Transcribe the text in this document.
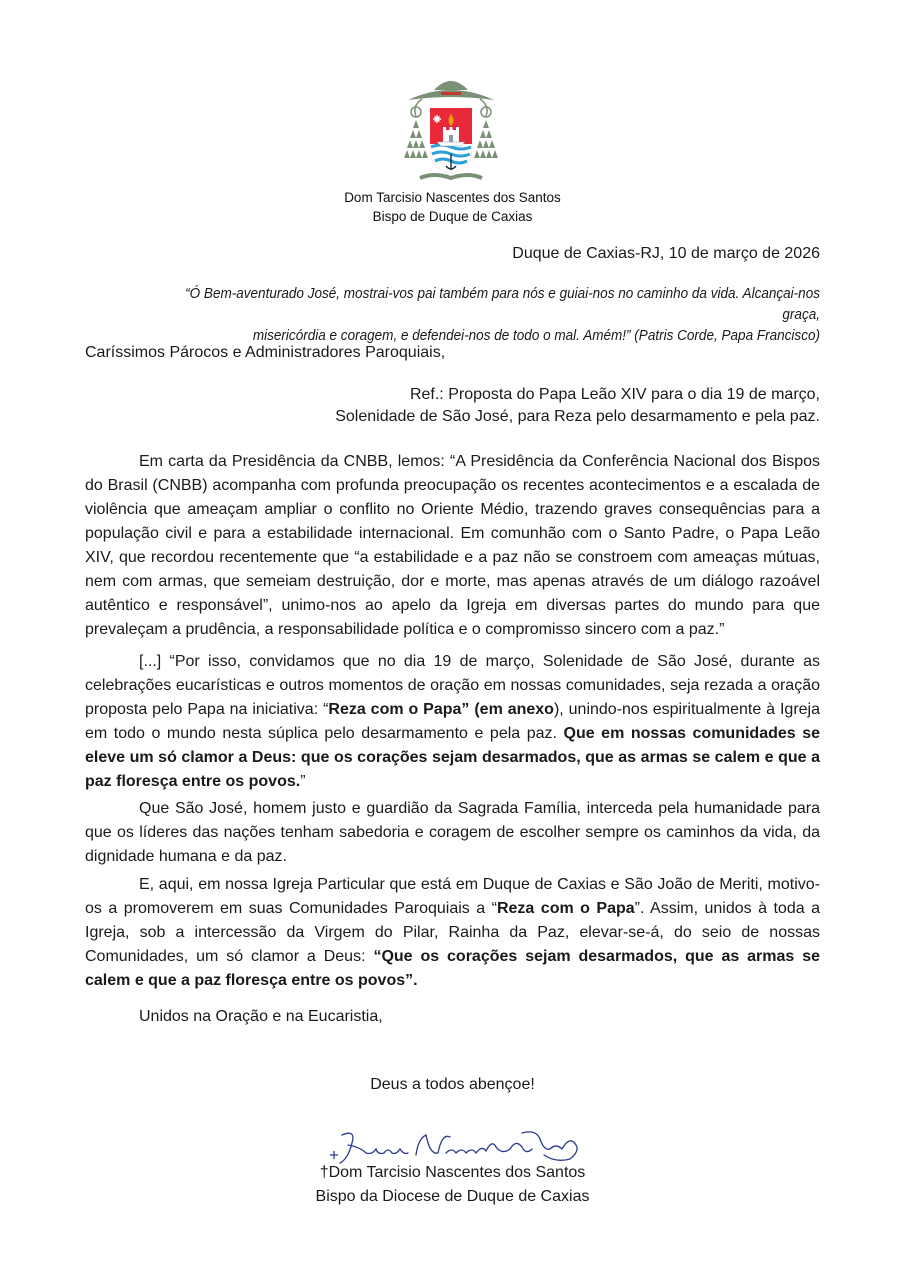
Dom Tarcisio Nascentes dos Santos
Bispo de Duque de Caxias
Duque de Caxias-RJ, 10 de março de 2026
“Ó Bem-aventurado José, mostrai-vos pai também para nós e guiai-nos no caminho da vida. Alcançai-nos graça,
misericórdia e coragem, e defendei-nos de todo o mal. Amém!” (Patris Corde, Papa Francisco)
Caríssimos Párocos e Administradores Paroquiais,
Ref.: Proposta do Papa Leão XIV para o dia 19 de março,
Solenidade de São José, para Reza pelo desarmamento e pela paz.
Em carta da Presidência da CNBB, lemos: “A Presidência da Conferência Nacional dos Bispos do Brasil (CNBB) acompanha com profunda preocupação os recentes acontecimentos e a escalada de violência que ameaçam ampliar o conflito no Oriente Médio, trazendo graves consequências para a população civil e para a estabilidade internacional. Em comunhão com o Santo Padre, o Papa Leão XIV, que recordou recentemente que “a estabilidade e a paz não se constroem com ameaças mútuas, nem com armas, que semeiam destruição, dor e morte, mas apenas através de um diálogo razoável autêntico e responsável”, unimo-nos ao apelo da Igreja em diversas partes do mundo para que prevaleçam a prudência, a responsabilidade política e o compromisso sincero com a paz.”
[...] “Por isso, convidamos que no dia 19 de março, Solenidade de São José, durante as celebrações eucarísticas e outros momentos de oração em nossas comunidades, seja rezada a oração proposta pelo Papa na iniciativa: “Reza com o Papa” (em anexo), unindo-nos espiritualmente à Igreja em todo o mundo nesta súplica pelo desarmamento e pela paz. Que em nossas comunidades se eleve um só clamor a Deus: que os corações sejam desarmados, que as armas se calem e que a paz floresça entre os povos.”
Que São José, homem justo e guardião da Sagrada Família, interceda pela humanidade para que os líderes das nações tenham sabedoria e coragem de escolher sempre os caminhos da vida, da dignidade humana e da paz.
E, aqui, em nossa Igreja Particular que está em Duque de Caxias e São João de Meriti, motivo-os a promoverem em suas Comunidades Paroquiais a “Reza com o Papa”. Assim, unidos à toda a Igreja, sob a intercessão da Virgem do Pilar, Rainha da Paz, elevar-se-á, do seio de nossas Comunidades, um só clamor a Deus: “Que os corações sejam desarmados, que as armas se calem e que a paz floresça entre os povos”.
Unidos na Oração e na Eucaristia,
Deus a todos abençoe!
†Dom Tarcisio Nascentes dos Santos
Bispo da Diocese de Duque de Caxias
